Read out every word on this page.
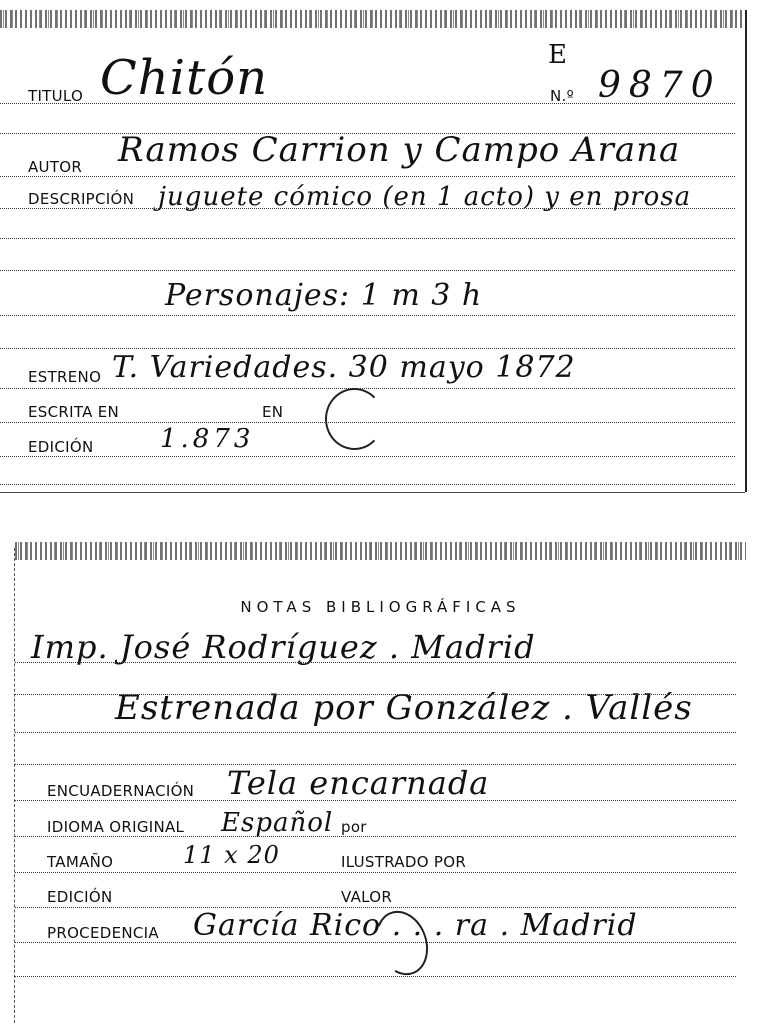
TITULO Chitón	E
N.º 9870
AUTOR Ramos Carrion y Campo Arana
DESCRIPCIÓN juguete cómico (en 1 acto) y en prosa
Personajes: 1 m 3 h
ESTRENO T. Variedades. 30 mayo 1872
ESCRITA EN	EN
EDICIÓN	1.873
NOTAS BIBLIOGRÁFICAS
Imp. José Rodríguez . Madrid
Estrenada por González . Vallés
ENCUADERNACIÓN Tela encarnada
IDIOMA ORIGINAL Español por
TAMAÑO	11 x 20	ILUSTRADO POR
EDICIÓN	VALOR
PROCEDENCIA García Rico . . . ra . Madrid
